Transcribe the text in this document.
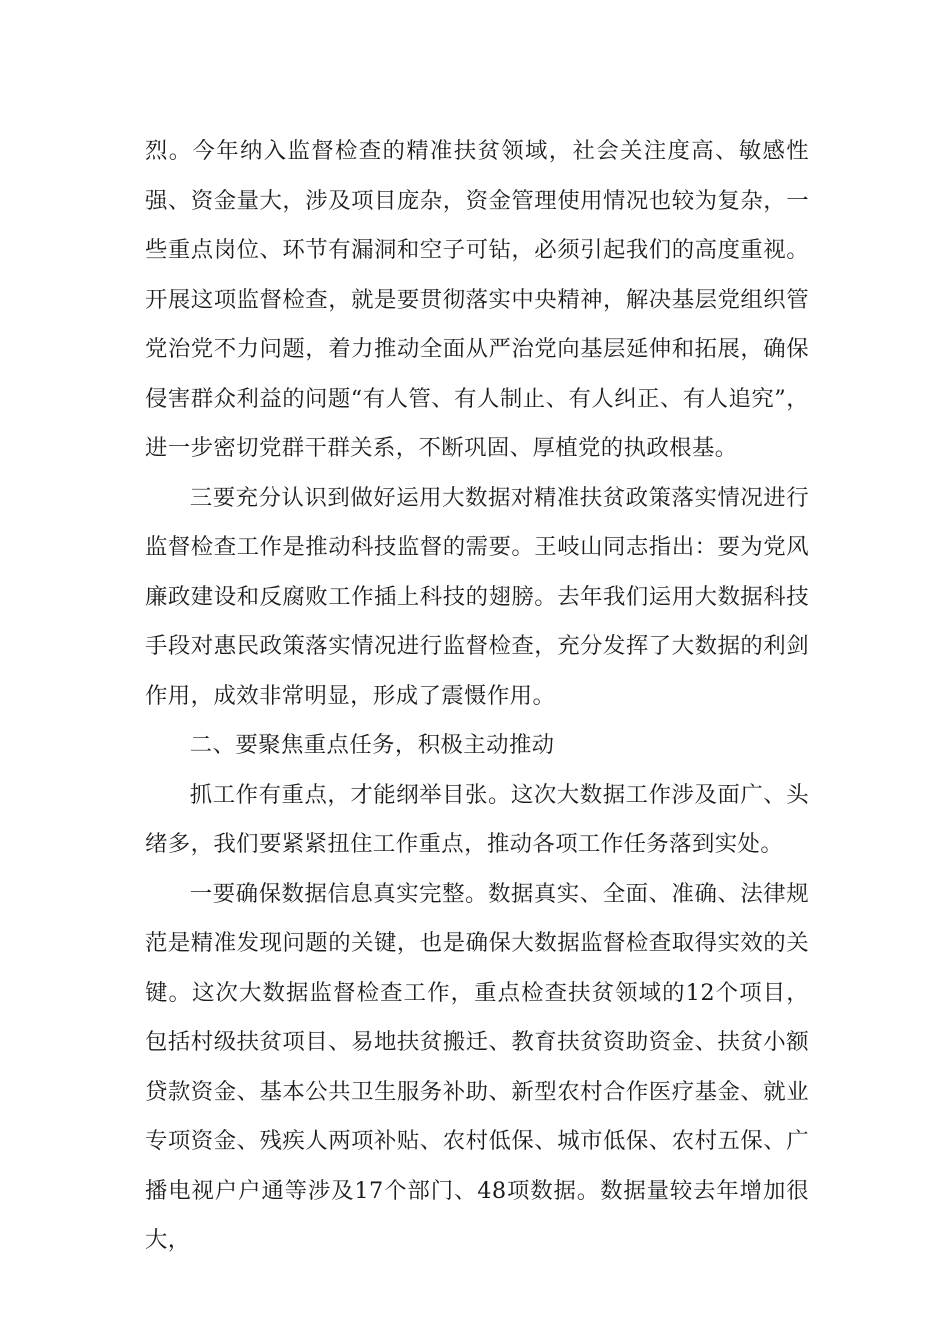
烈。今年纳入监督检查的精准扶贫领域，社会关注度高、敏感性强、资金量大，涉及项目庞杂，资金管理使用情况也较为复杂，一些重点岗位、环节有漏洞和空子可钻，必须引起我们的高度重视。开展这项监督检查，就是要贯彻落实中央精神，解决基层党组织管党治党不力问题，着力推动全面从严治党向基层延伸和拓展，确保侵害群众利益的问题“有人管、有人制止、有人纠正、有人追究”，进一步密切党群干群关系，不断巩固、厚植党的执政根基。

三要充分认识到做好运用大数据对精准扶贫政策落实情况进行监督检查工作是推动科技监督的需要。王岐山同志指出：要为党风廉政建设和反腐败工作插上科技的翅膀。去年我们运用大数据科技手段对惠民政策落实情况进行监督检查，充分发挥了大数据的利剑作用，成效非常明显，形成了震慑作用。

二、要聚焦重点任务，积极主动推动

抓工作有重点，才能纲举目张。这次大数据工作涉及面广、头绪多，我们要紧紧扭住工作重点，推动各项工作任务落到实处。

一要确保数据信息真实完整。数据真实、全面、准确、法律规范是精准发现问题的关键，也是确保大数据监督检查取得实效的关键。这次大数据监督检查工作，重点检查扶贫领域的12个项目，包括村级扶贫项目、易地扶贫搬迁、教育扶贫资助资金、扶贫小额贷款资金、基本公共卫生服务补助、新型农村合作医疗基金、就业专项资金、残疾人两项补贴、农村低保、城市低保、农村五保、广播电视户户通等涉及17个部门、48项数据。数据量较去年增加很大，
